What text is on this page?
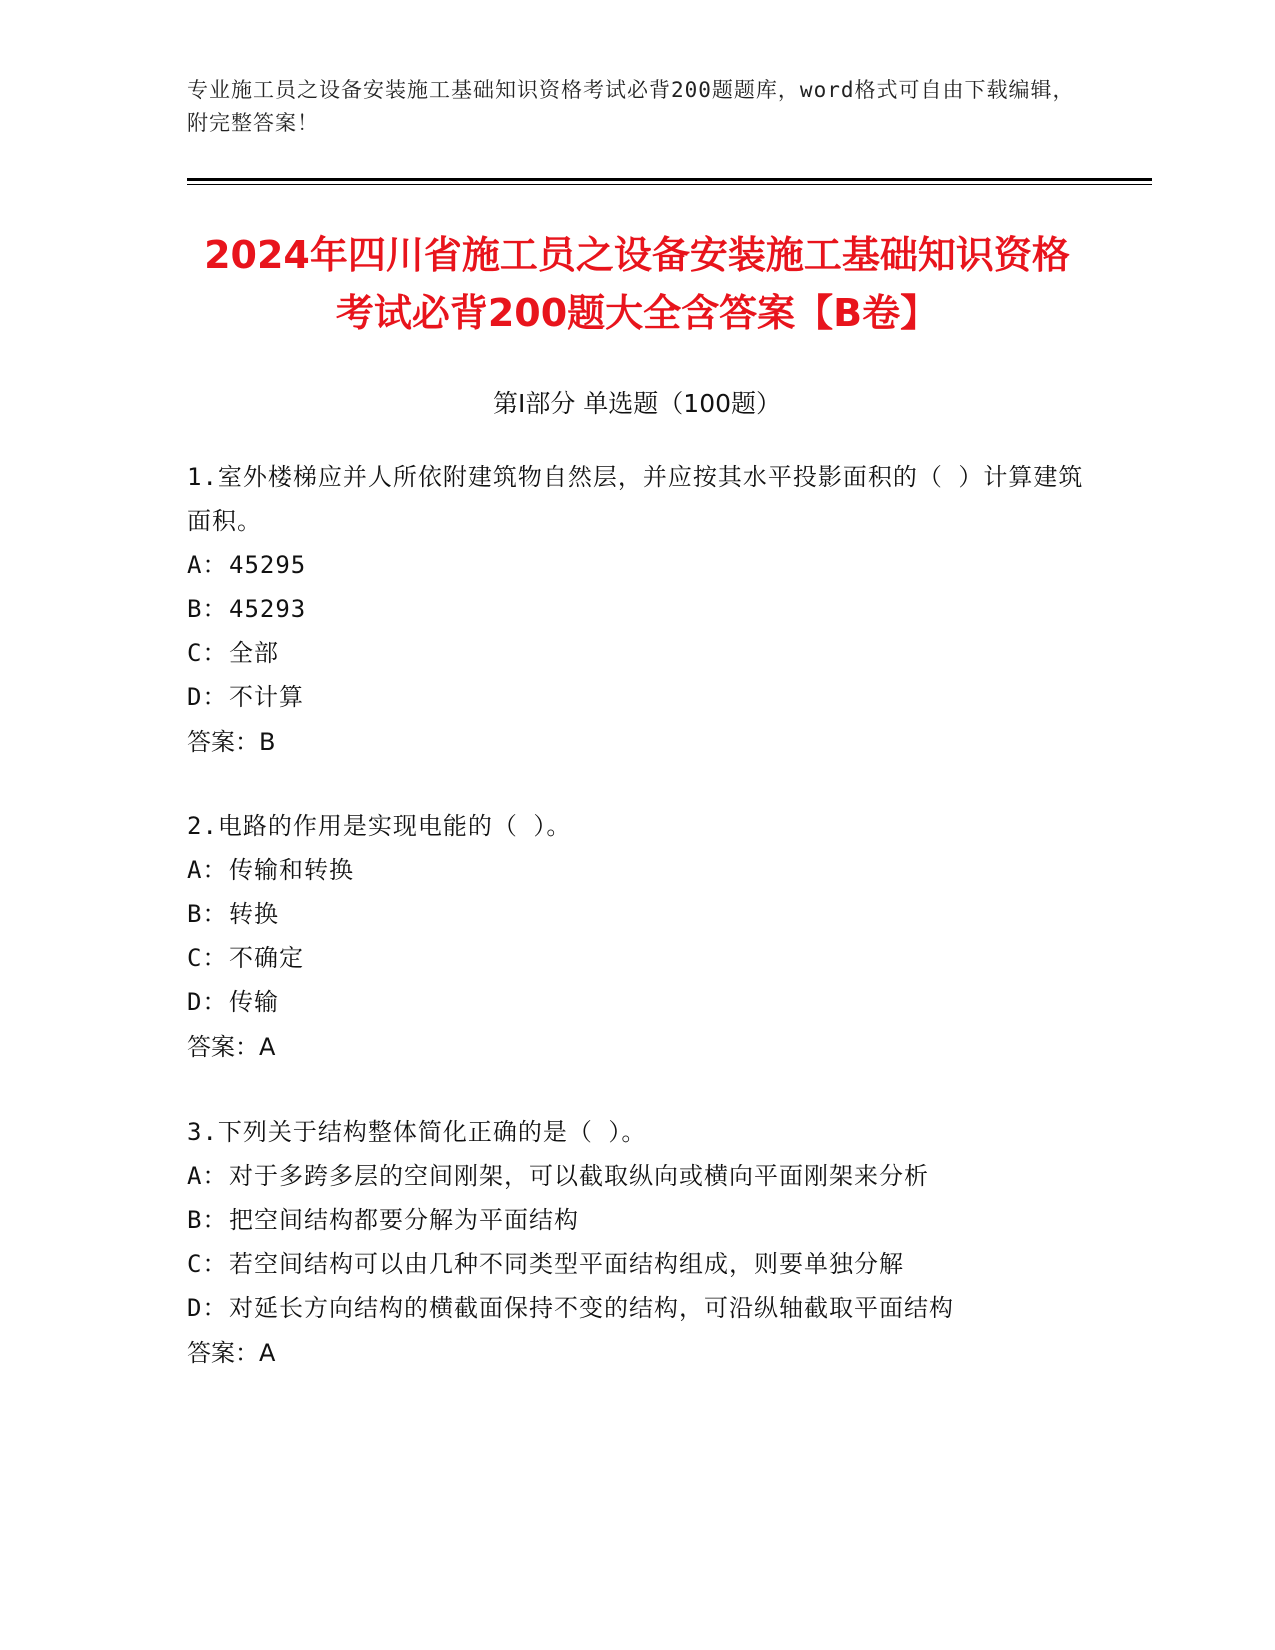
专业施工员之设备安装施工基础知识资格考试必背200题题库，word格式可自由下载编辑，附完整答案！
2024年四川省施工员之设备安装施工基础知识资格考试必背200题大全含答案【B卷】
第I部分 单选题（100题）

1.室外楼梯应并人所依附建筑物自然层，并应按其水平投影面积的（ ）计算建筑面积。

A：45295

B：45293

C：全部

D：不计算

答案：B

2.电路的作用是实现电能的（ ）。

A：传输和转换

B：转换

C：不确定

D：传输

答案：A

3.下列关于结构整体简化正确的是（ ）。

A：对于多跨多层的空间刚架，可以截取纵向或横向平面刚架来分析

B：把空间结构都要分解为平面结构

C：若空间结构可以由几种不同类型平面结构组成，则要单独分解

D：对延长方向结构的横截面保持不变的结构，可沿纵轴截取平面结构

答案：A
